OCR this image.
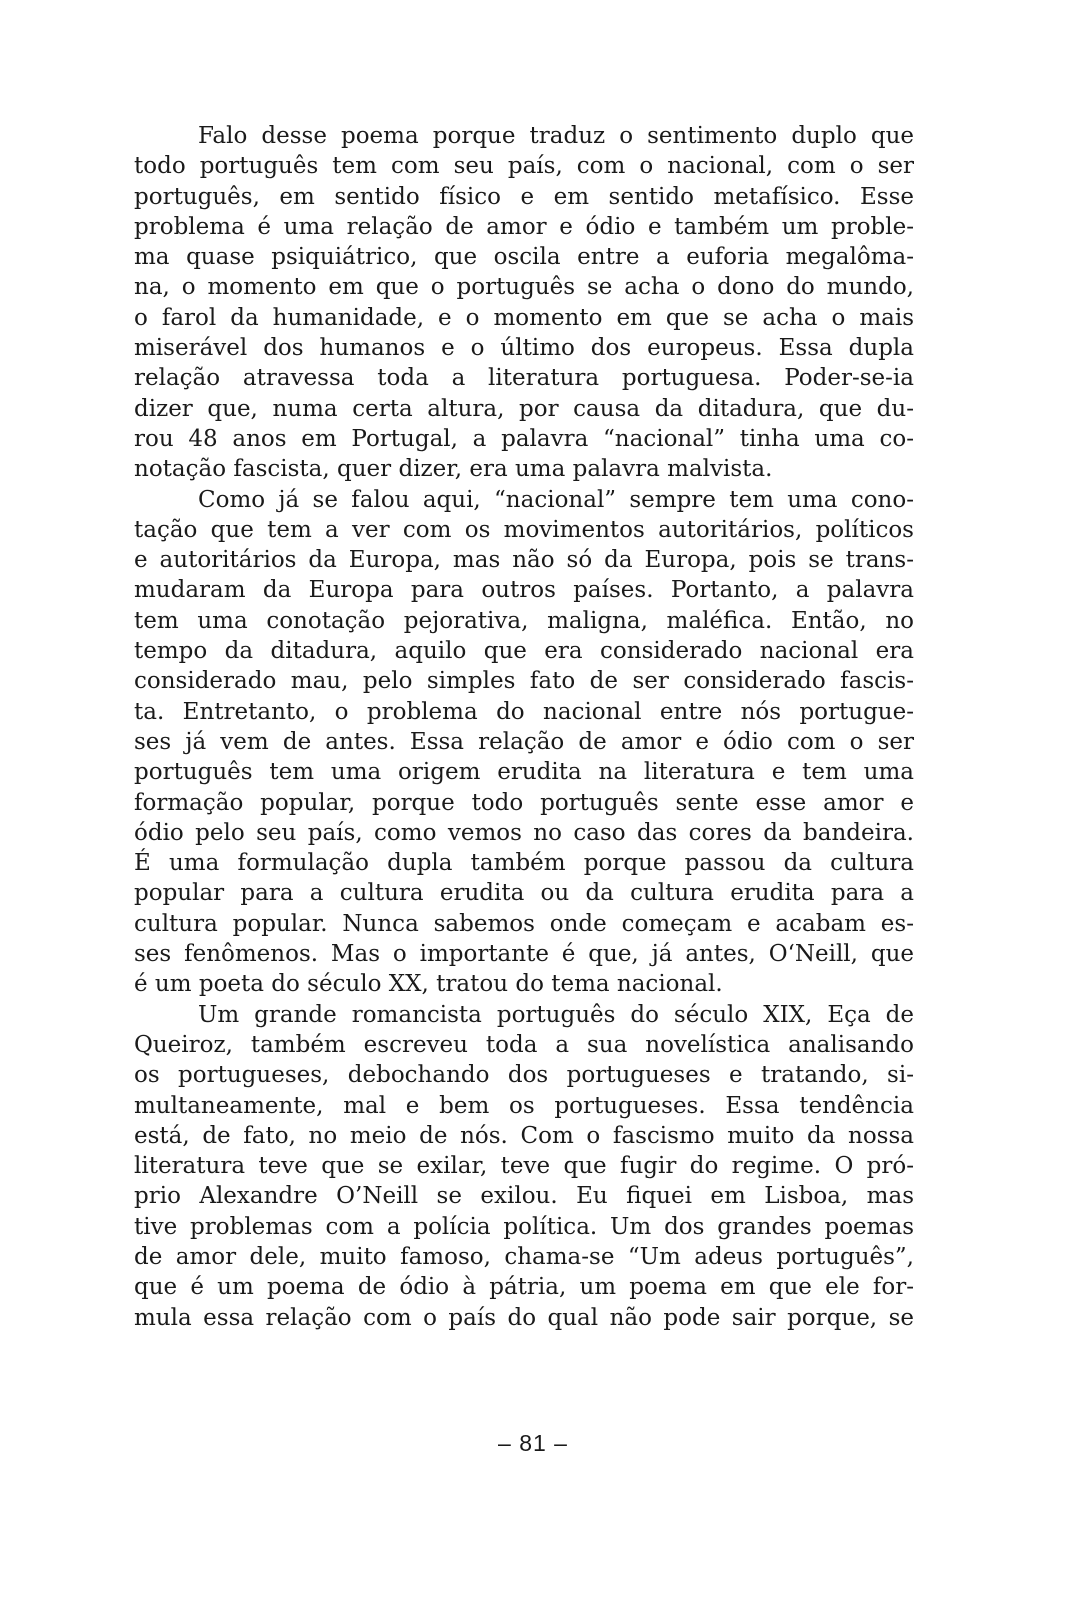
Falo desse poema porque traduz o sentimento duplo que
todo português tem com seu país, com o nacional, com o ser
português, em sentido físico e em sentido metafísico. Esse
problema é uma relação de amor e ódio e também um proble-
ma quase psiquiátrico, que oscila entre a euforia megalôma-
na, o momento em que o português se acha o dono do mundo,
o farol da humanidade, e o momento em que se acha o mais
miserável dos humanos e o último dos europeus. Essa dupla
relação atravessa toda a literatura portuguesa. Poder-se-ia
dizer que, numa certa altura, por causa da ditadura, que du-
rou 48 anos em Portugal, a palavra “nacional” tinha uma co-
notação fascista, quer dizer, era uma palavra malvista.
Como já se falou aqui, “nacional” sempre tem uma cono-
tação que tem a ver com os movimentos autoritários, políticos
e autoritários da Europa, mas não só da Europa, pois se trans-
mudaram da Europa para outros países. Portanto, a palavra
tem uma conotação pejorativa, maligna, maléfica. Então, no
tempo da ditadura, aquilo que era considerado nacional era
considerado mau, pelo simples fato de ser considerado fascis-
ta. Entretanto, o problema do nacional entre nós portugue-
ses já vem de antes. Essa relação de amor e ódio com o ser
português tem uma origem erudita na literatura e tem uma
formação popular, porque todo português sente esse amor e
ódio pelo seu país, como vemos no caso das cores da bandeira.
É uma formulação dupla também porque passou da cultura
popular para a cultura erudita ou da cultura erudita para a
cultura popular. Nunca sabemos onde começam e acabam es-
ses fenômenos. Mas o importante é que, já antes, O‘Neill, que
é um poeta do século XX, tratou do tema nacional.
Um grande romancista português do século XIX, Eça de
Queiroz, também escreveu toda a sua novelística analisando
os portugueses, debochando dos portugueses e tratando, si-
multaneamente, mal e bem os portugueses. Essa tendência
está, de fato, no meio de nós. Com o fascismo muito da nossa
literatura teve que se exilar, teve que fugir do regime. O pró-
prio Alexandre O’Neill se exilou. Eu fiquei em Lisboa, mas
tive problemas com a polícia política. Um dos grandes poemas
de amor dele, muito famoso, chama-se “Um adeus português”,
que é um poema de ódio à pátria, um poema em que ele for-
mula essa relação com o país do qual não pode sair porque, se
– 81 –
